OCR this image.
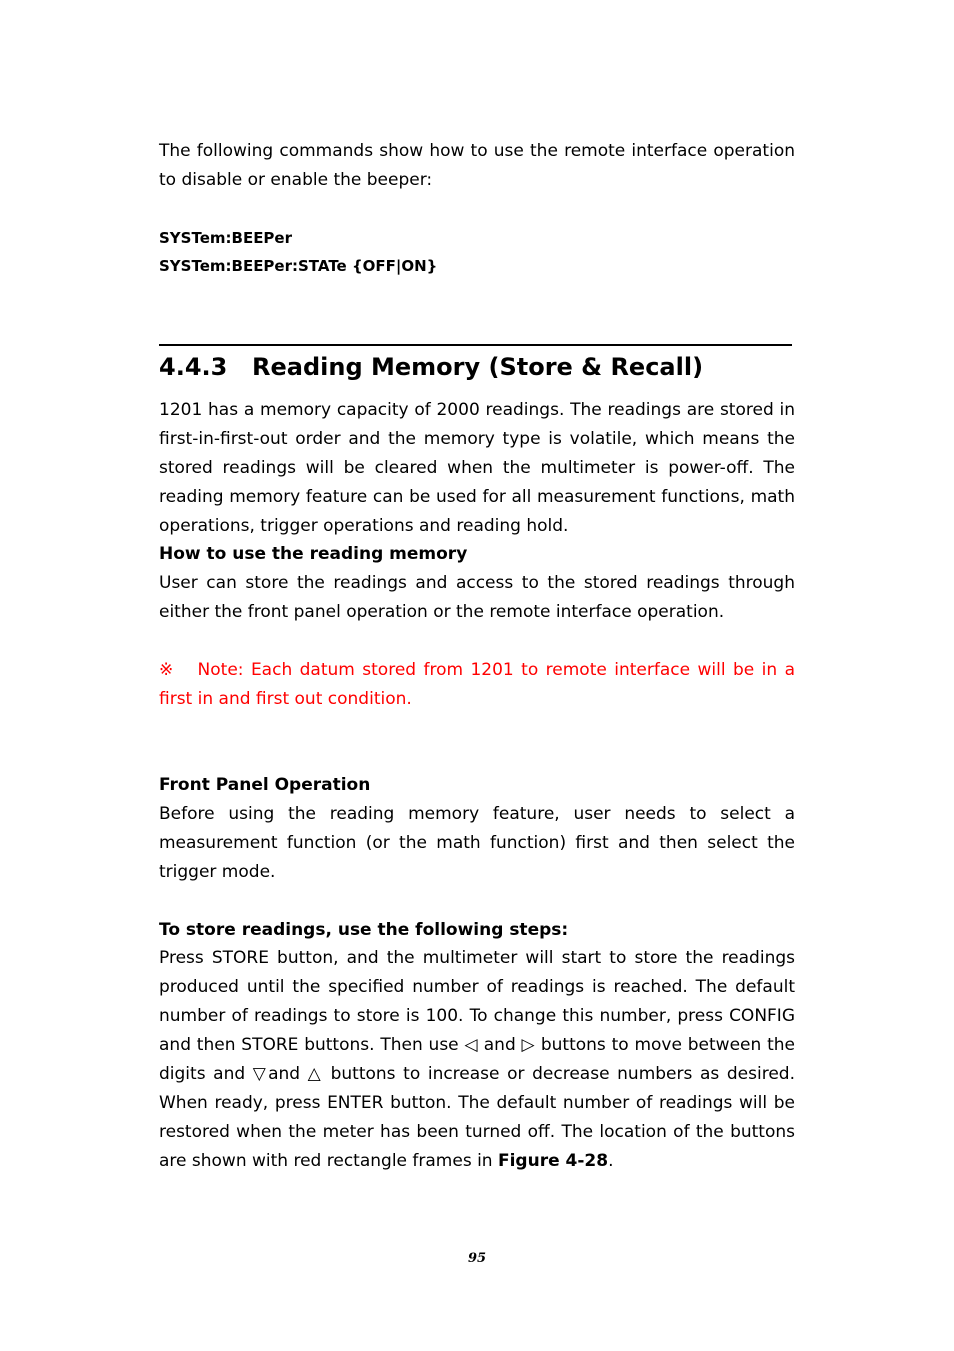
The following commands show how to use the remote interface operation to disable or enable the beeper:

SYSTem:BEEPer
SYSTem:BEEPer:STATe {OFF|ON}
4.4.3 Reading Memory (Store & Recall)

1201 has a memory capacity of 2000 readings. The readings are stored in first-in-first-out order and the memory type is volatile, which means the stored readings will be cleared when the multimeter is power-off. The reading memory feature can be used for all measurement functions, math operations, trigger operations and reading hold.

How to use the reading memory

User can store the readings and access to the stored readings through either the front panel operation or the remote interface operation.

※ Note: Each datum stored from 1201 to remote interface will be in a first in and first out condition.

Front Panel Operation

Before using the reading memory feature, user needs to select a measurement function (or the math function) first and then select the trigger mode.

To store readings, use the following steps:

Press STORE button, and the multimeter will start to store the readings produced until the specified number of readings is reached. The default number of readings to store is 100. To change this number, press CONFIG and then STORE buttons. Then use ◁ and ▷ buttons to move between the digits and ▽and △ buttons to increase or decrease numbers as desired. When ready, press ENTER button. The default number of readings will be restored when the meter has been turned off. The location of the buttons are shown with red rectangle frames in Figure 4-28.

95
